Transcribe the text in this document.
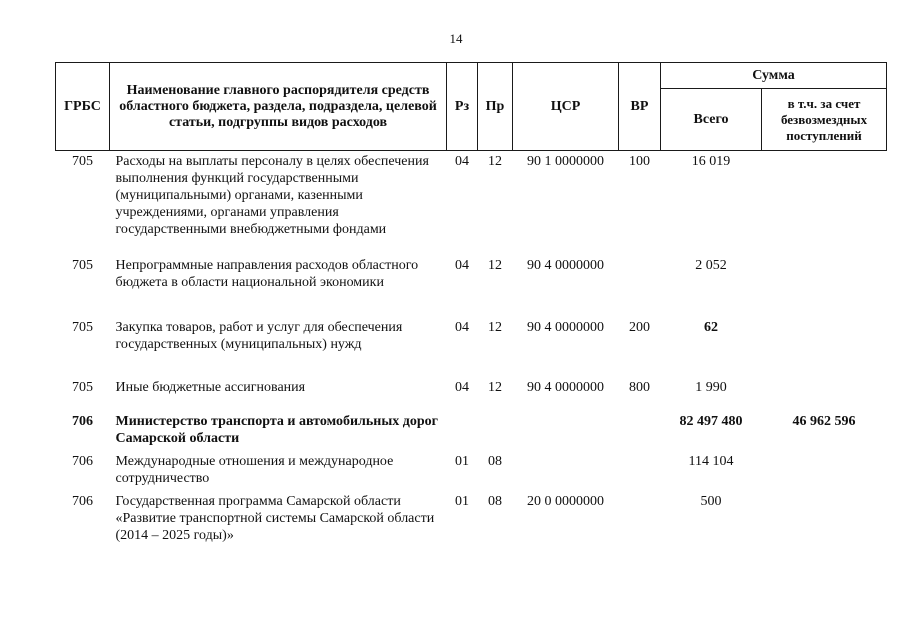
14
ГРБС	Наименование главного распорядителя средств областного бюджета, раздела, подраздела, целевой статьи, подгруппы видов расходов	Рз	Пр	ЦСР	ВР	Сумма	
						Всего	в т.ч. за счет безвозмездных поступлений
705	Расходы на выплаты персоналу в целях обеспечения выполнения функций государственными (муниципальными) органами, казенными учреждениями, органами управления государственными внебюджетными фондами	04	12	90 1 0000000	100	16 019	
705	Непрограммные направления расходов областного бюджета в области национальной экономики	04	12	90 4 0000000		2 052	
705	Закупка товаров, работ и услуг для обеспечения государственных (муниципальных) нужд	04	12	90 4 0000000	200	62	
705	Иные бюджетные ассигнования	04	12	90 4 0000000	800	1 990	
706	Министерство транспорта и автомобильных дорог Самарской области					82 497 480	46 962 596
706	Международные отношения и международное сотрудничество	01	08			114 104	
706	Государственная программа Самарской области «Развитие транспортной системы Самарской области (2014 – 2025 годы)»	01	08	20 0 0000000		500	
